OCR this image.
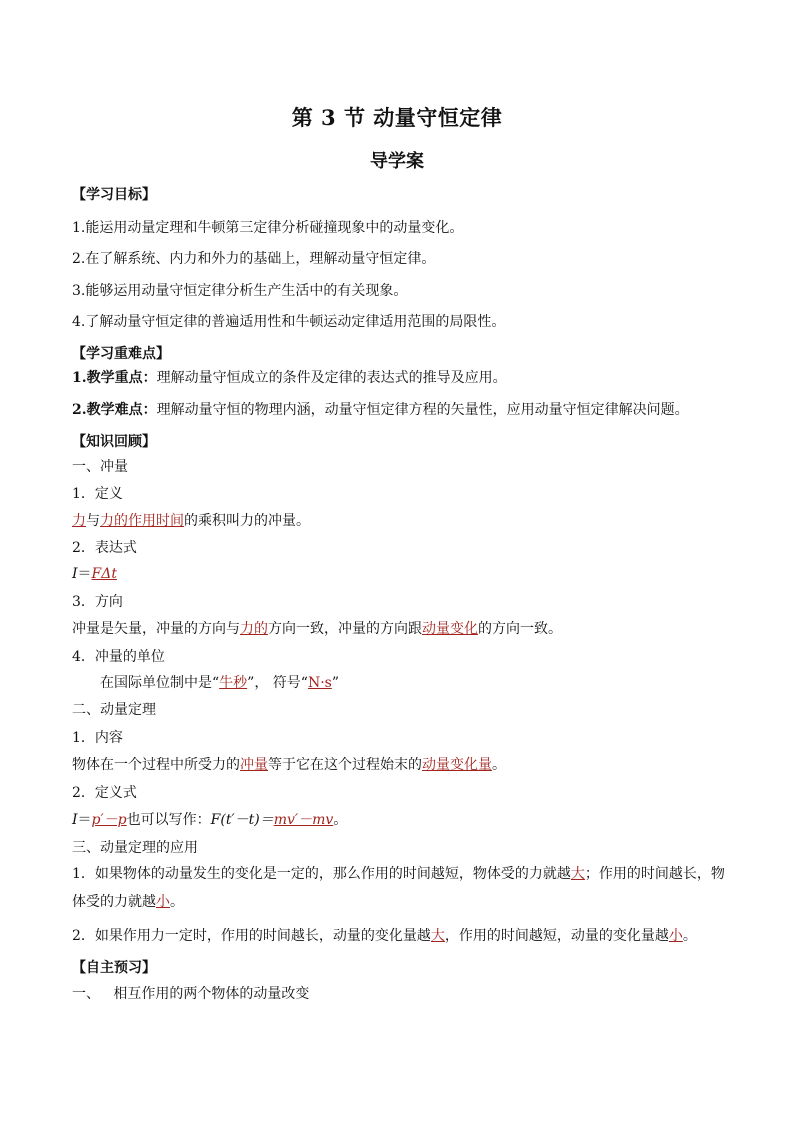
第 3 节 动量守恒定律
导学案
【学习目标】
1.能运用动量定理和牛顿第三定律分析碰撞现象中的动量变化。
2.在了解系统、内力和外力的基础上，理解动量守恒定律。
3.能够运用动量守恒定律分析生产生活中的有关现象。
4.了解动量守恒定律的普遍适用性和牛顿运动定律适用范围的局限性。
【学习重难点】
1.教学重点：理解动量守恒成立的条件及定律的表达式的推导及应用。
2.教学难点：理解动量守恒的物理内涵，动量守恒定律方程的矢量性，应用动量守恒定律解决问题。
【知识回顾】
一、冲量
1．定义
力与力的作用时间的乘积叫力的冲量。
2．表达式
I＝FΔt
3．方向
冲量是矢量，冲量的方向与力的方向一致，冲量的方向跟动量变化的方向一致。
4．冲量的单位
在国际单位制中是“牛秒”， 符号“N·s”
二、动量定理
1．内容
物体在一个过程中所受力的冲量等于它在这个过程始末的动量变化量。
2．定义式
I＝p′－p也可以写作：F(t′－t)＝mv′－mv。
三、动量定理的应用
1．如果物体的动量发生的变化是一定的，那么作用的时间越短，物体受的力就越大；作用的时间越长，物
体受的力就越小。
2．如果作用力一定时，作用的时间越长，动量的变化量越大，作用的时间越短，动量的变化量越小。
【自主预习】
一、   相互作用的两个物体的动量改变
